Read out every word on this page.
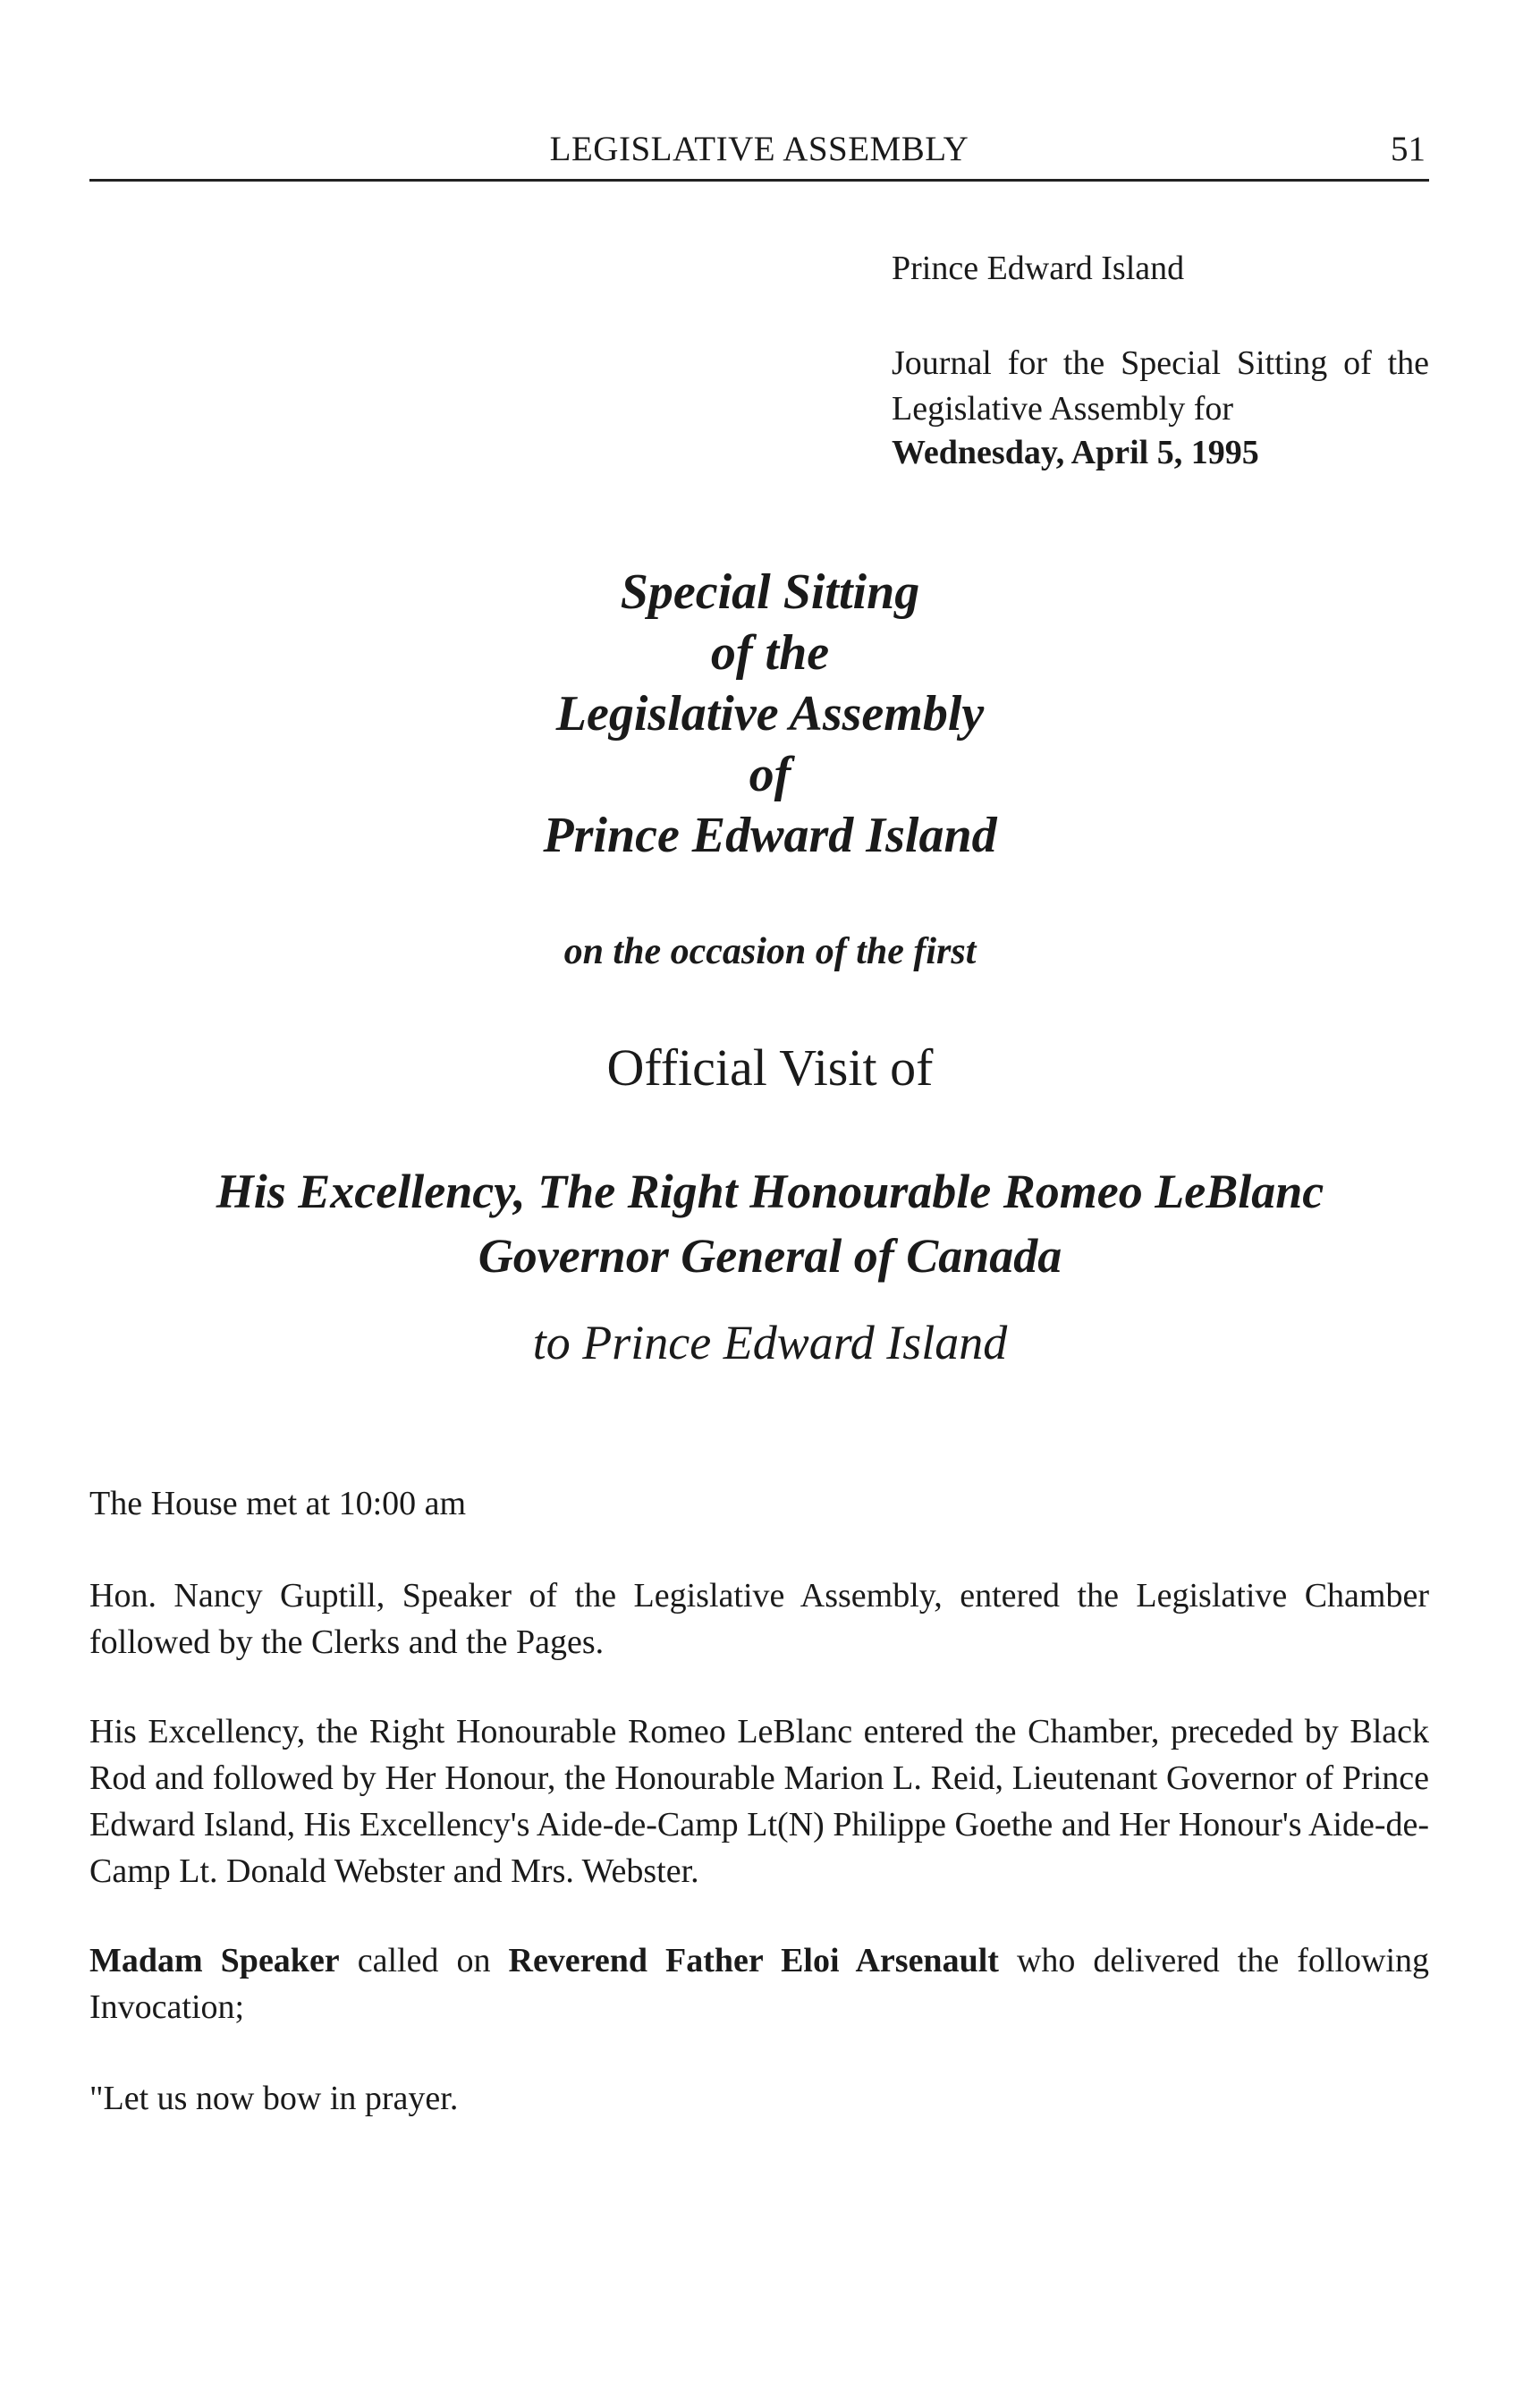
LEGISLATIVE ASSEMBLY	51
Prince Edward Island
Journal for the Special Sitting of the Legislative Assembly for
Wednesday, April 5, 1995
Special Sitting
of the
Legislative Assembly
of
Prince Edward Island
on the occasion of the first
Official Visit of
His Excellency, The Right Honourable Romeo LeBlanc
Governor General of Canada
to Prince Edward Island
The House met at 10:00 am
Hon. Nancy Guptill, Speaker of the Legislative Assembly, entered the Legislative Chamber followed by the Clerks and the Pages.
His Excellency, the Right Honourable Romeo LeBlanc entered the Chamber, preceded by Black Rod and followed by Her Honour, the Honourable Marion L. Reid, Lieutenant Governor of Prince Edward Island, His Excellency's Aide-de-Camp Lt(N) Philippe Goethe and Her Honour's Aide-de-Camp Lt. Donald Webster and Mrs. Webster.
Madam Speaker called on Reverend Father Eloi Arsenault who delivered the following Invocation;
"Let us now bow in prayer.
